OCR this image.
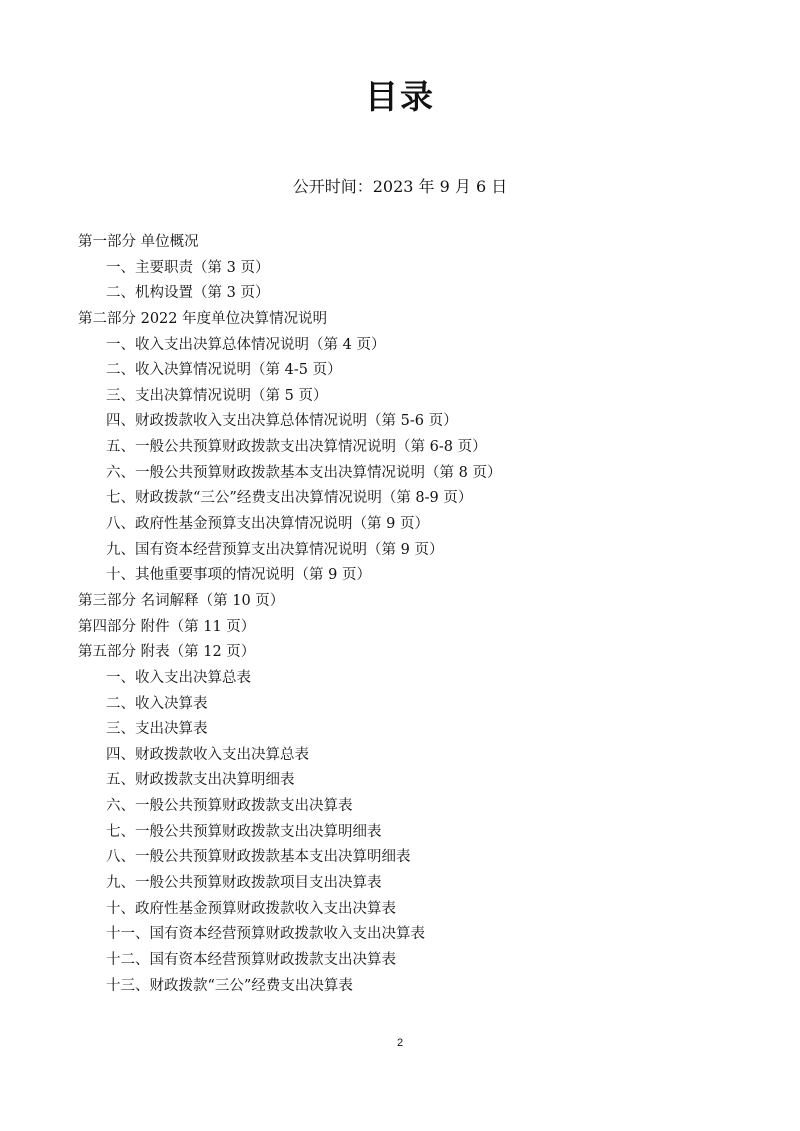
目录
公开时间：2023 年 9 月 6 日
第一部分 单位概况
一、主要职责（第 3 页）
二、机构设置（第 3 页）
第二部分 2022 年度单位决算情况说明
一、收入支出决算总体情况说明（第 4 页）
二、收入决算情况说明（第 4-5 页）
三、支出决算情况说明（第 5 页）
四、财政拨款收入支出决算总体情况说明（第 5-6 页）
五、一般公共预算财政拨款支出决算情况说明（第 6-8 页）
六、一般公共预算财政拨款基本支出决算情况说明（第 8 页）
七、财政拨款“三公”经费支出决算情况说明（第 8-9 页）
八、政府性基金预算支出决算情况说明（第 9 页）
九、国有资本经营预算支出决算情况说明（第 9 页）
十、其他重要事项的情况说明（第 9 页）
第三部分 名词解释（第 10 页）
第四部分 附件（第 11 页）
第五部分 附表（第 12 页）
一、收入支出决算总表
二、收入决算表
三、支出决算表
四、财政拨款收入支出决算总表
五、财政拨款支出决算明细表
六、一般公共预算财政拨款支出决算表
七、一般公共预算财政拨款支出决算明细表
八、一般公共预算财政拨款基本支出决算明细表
九、一般公共预算财政拨款项目支出决算表
十、政府性基金预算财政拨款收入支出决算表
十一、国有资本经营预算财政拨款收入支出决算表
十二、国有资本经营预算财政拨款支出决算表
十三、财政拨款“三公”经费支出决算表
2
